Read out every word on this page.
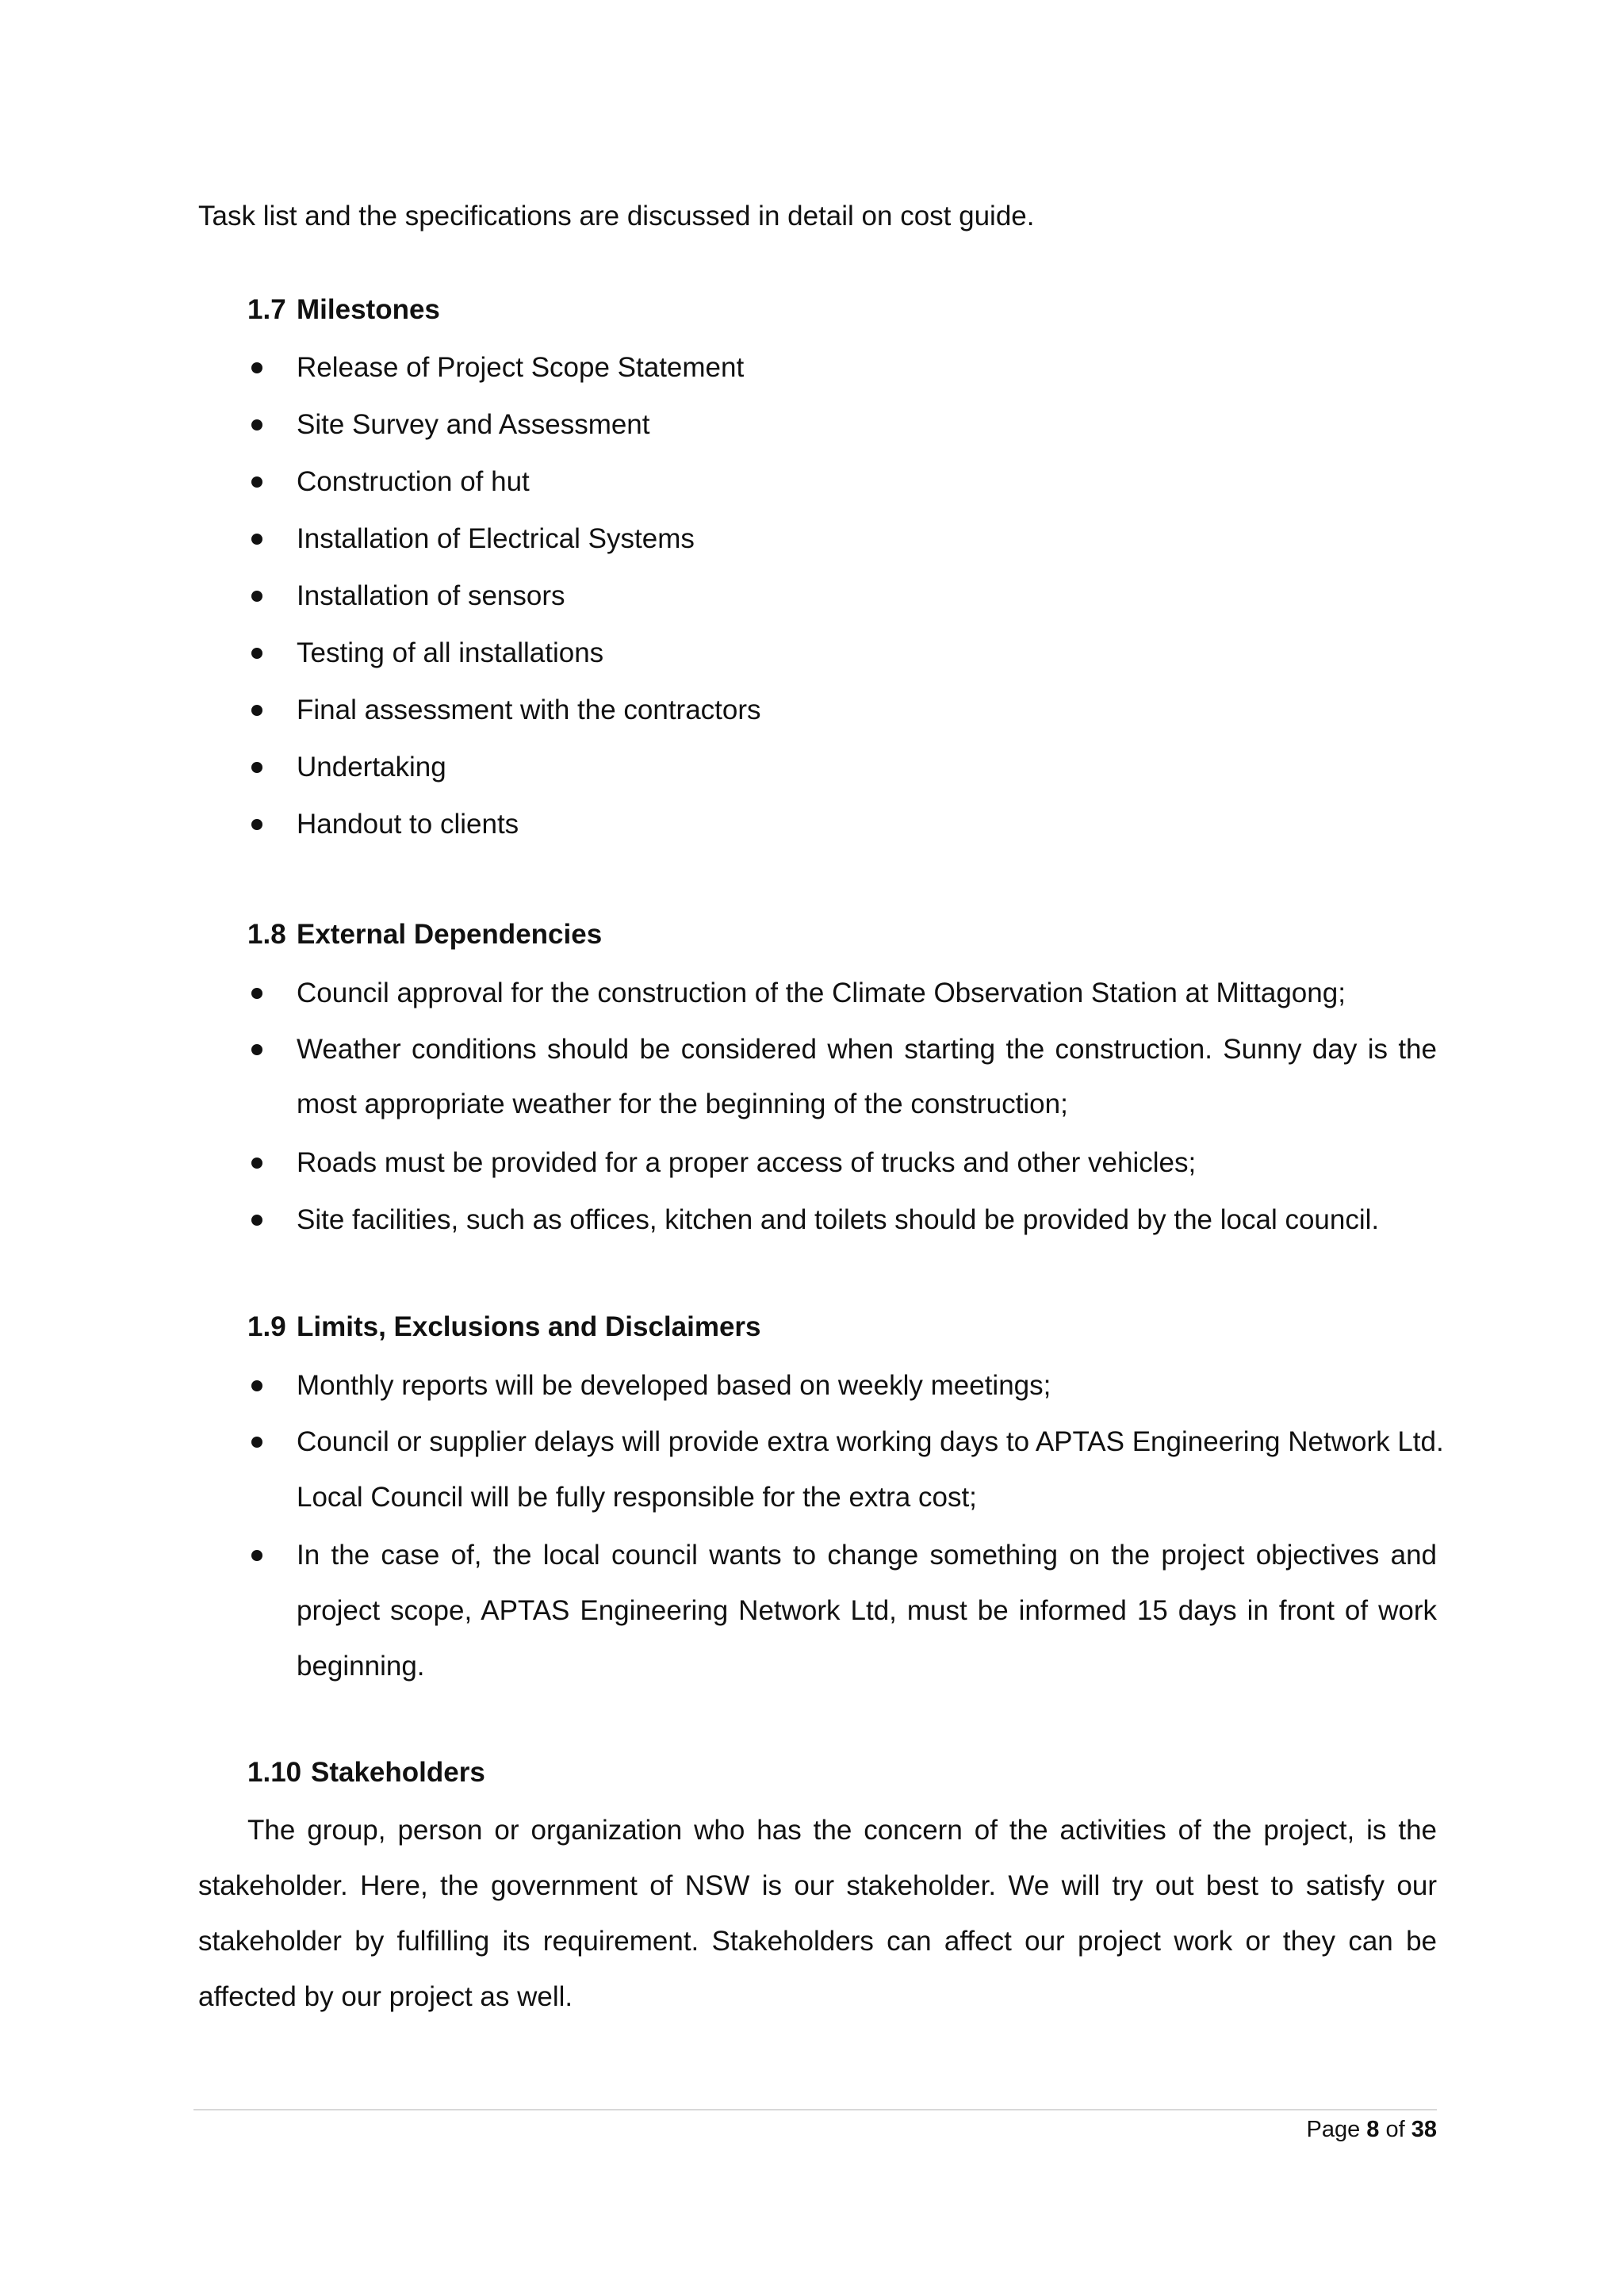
Task list and the specifications are discussed in detail on cost guide.
1.7 Milestones
Release of Project Scope Statement
Site Survey and Assessment
Construction of hut
Installation of Electrical Systems
Installation of sensors
Testing of all installations
Final assessment with the contractors
Undertaking
Handout to clients
1.8 External Dependencies
Council approval for the construction of the Climate Observation Station at Mittagong;
Weather conditions should be considered when starting the construction. Sunny day is the
most appropriate weather for the beginning of the construction;
Roads must be provided for a proper access of trucks and other vehicles;
Site facilities, such as offices, kitchen and toilets should be provided by the local council.
1.9 Limits, Exclusions and Disclaimers
Monthly reports will be developed based on weekly meetings;
Council or supplier delays will provide extra working days to APTAS Engineering Network Ltd.
Local Council will be fully responsible for the extra cost;
In the case of, the local council wants to change something on the project objectives and
project scope, APTAS Engineering Network Ltd, must be informed 15 days in front of work
beginning.
1.10 Stakeholders
The group, person or organization who has the concern of the activities of the project, is the
stakeholder. Here, the government of NSW is our stakeholder. We will try out best to satisfy our
stakeholder by fulfilling its requirement. Stakeholders can affect our project work or they can be
affected by our project as well.
Page 8 of 38
